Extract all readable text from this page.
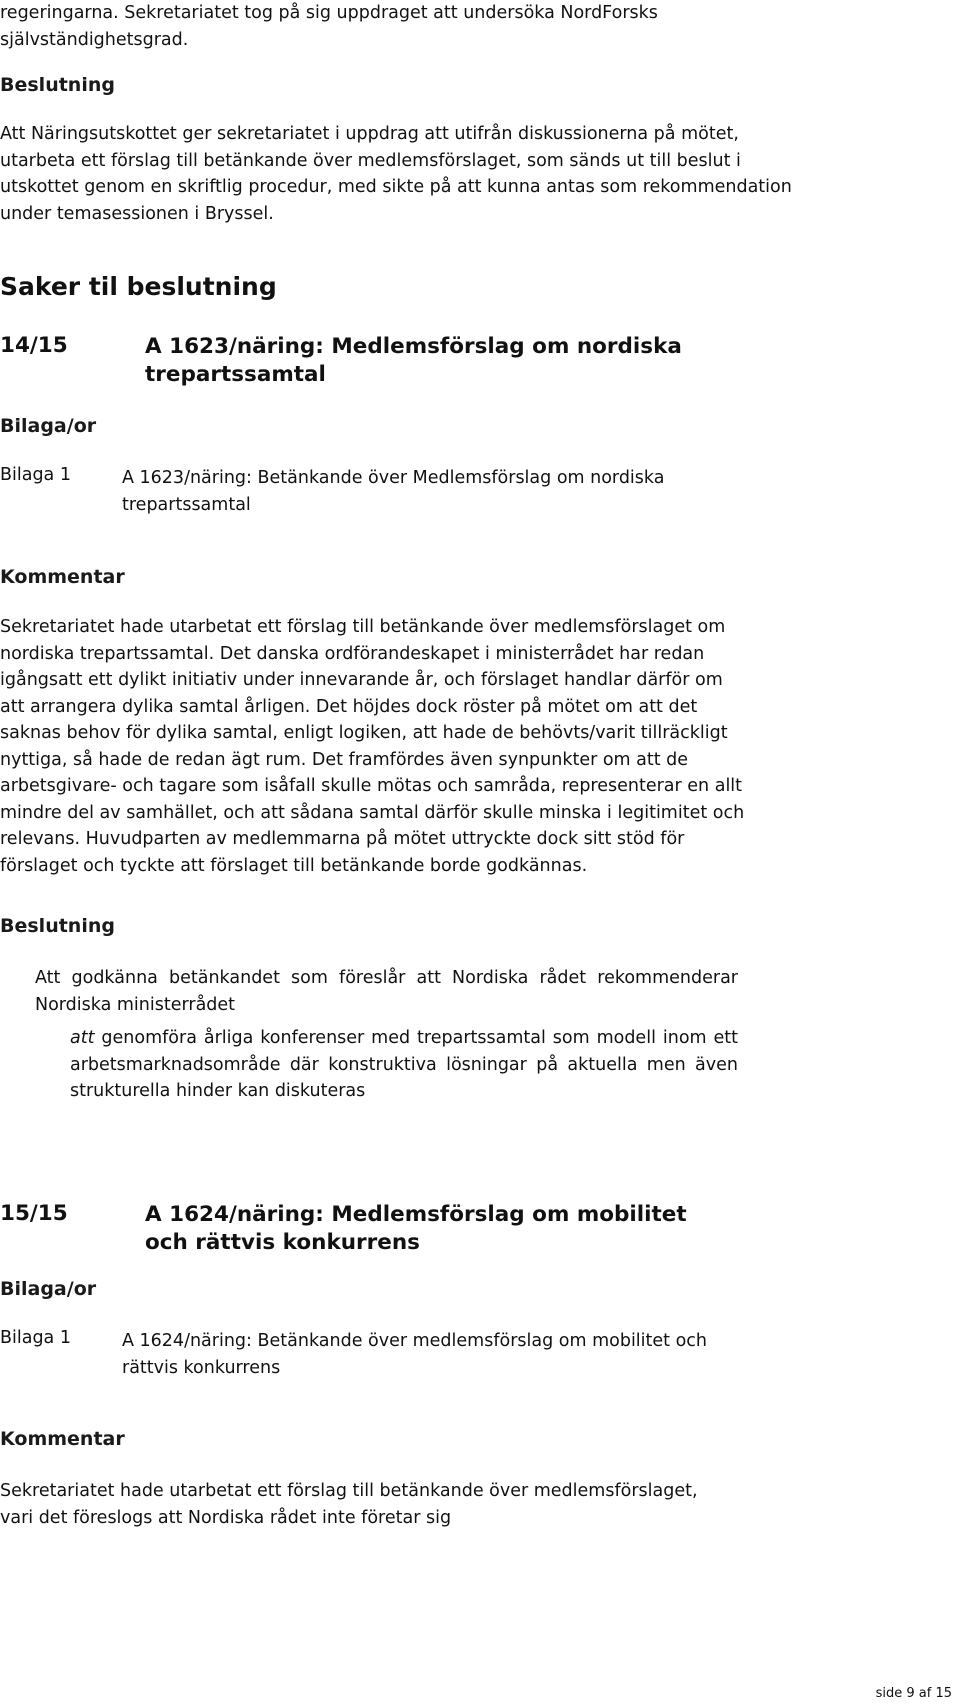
regeringarna. Sekretariatet tog på sig uppdraget att undersöka NordForsks självständighetsgrad.

Beslutning

Att Näringsutskottet ger sekretariatet i uppdrag att utifrån diskussionerna på mötet, utarbeta ett förslag till betänkande över medlemsförslaget, som sänds ut till beslut i utskottet genom en skriftlig procedur, med sikte på att kunna antas som rekommendation under temasessionen i Bryssel.

Saker til beslutning

14/15	A 1623/näring: Medlemsförslag om nordiska trepartssamtal

Bilaga/or

Bilaga 1	A 1623/näring: Betänkande över Medlemsförslag om nordiska trepartssamtal

Kommentar

Sekretariatet hade utarbetat ett förslag till betänkande över medlemsförslaget om nordiska trepartssamtal. Det danska ordförandeskapet i ministerrådet har redan igångsatt ett dylikt initiativ under innevarande år, och förslaget handlar därför om att arrangera dylika samtal årligen. Det höjdes dock röster på mötet om att det saknas behov för dylika samtal, enligt logiken, att hade de behövts/varit tillräckligt nyttiga, så hade de redan ägt rum. Det framfördes även synpunkter om att de arbetsgivare- och tagare som isåfall skulle mötas och samråda, representerar en allt mindre del av samhället, och att sådana samtal därför skulle minska i legitimitet och relevans. Huvudparten av medlemmarna på mötet uttryckte dock sitt stöd för förslaget och tyckte att förslaget till betänkande borde godkännas.

Beslutning

Att godkänna betänkandet som föreslår att Nordiska rådet rekommenderar Nordiska ministerrådet

att genomföra årliga konferenser med trepartssamtal som modell inom ett arbetsmarknadsområde där konstruktiva lösningar på aktuella men även strukturella hinder kan diskuteras

15/15	A 1624/näring: Medlemsförslag om mobilitet och rättvis konkurrens

Bilaga/or

Bilaga 1	A 1624/näring: Betänkande över medlemsförslag om mobilitet och rättvis konkurrens

Kommentar

Sekretariatet hade utarbetat ett förslag till betänkande över medlemsförslaget, vari det föreslogs att Nordiska rådet inte företar sig

side 9 af 15
